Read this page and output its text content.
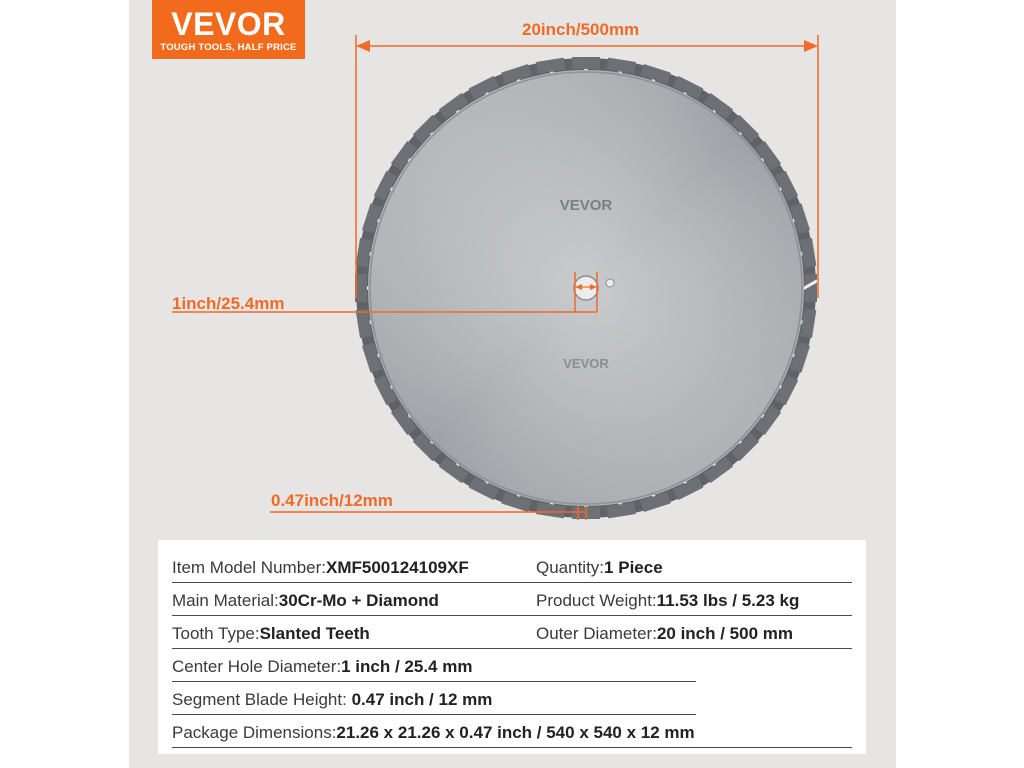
VEVOR
TOUGH TOOLS, HALF PRICE
VEVOR
VEVOR
20inch/500mm
1inch/25.4mm
0.47inch/12mm
Item Model Number:XMF500124109XF	Quantity:1 Piece
Main Material:30Cr-Mo + Diamond	Product Weight:11.53 lbs / 5.23 kg
Tooth Type:Slanted Teeth	Outer Diameter:20 inch / 500 mm
Center Hole Diameter:1 inch / 25.4 mm
Segment Blade Height: 0.47 inch / 12 mm
Package Dimensions:21.26 x 21.26 x 0.47 inch / 540 x 540 x 12 mm
